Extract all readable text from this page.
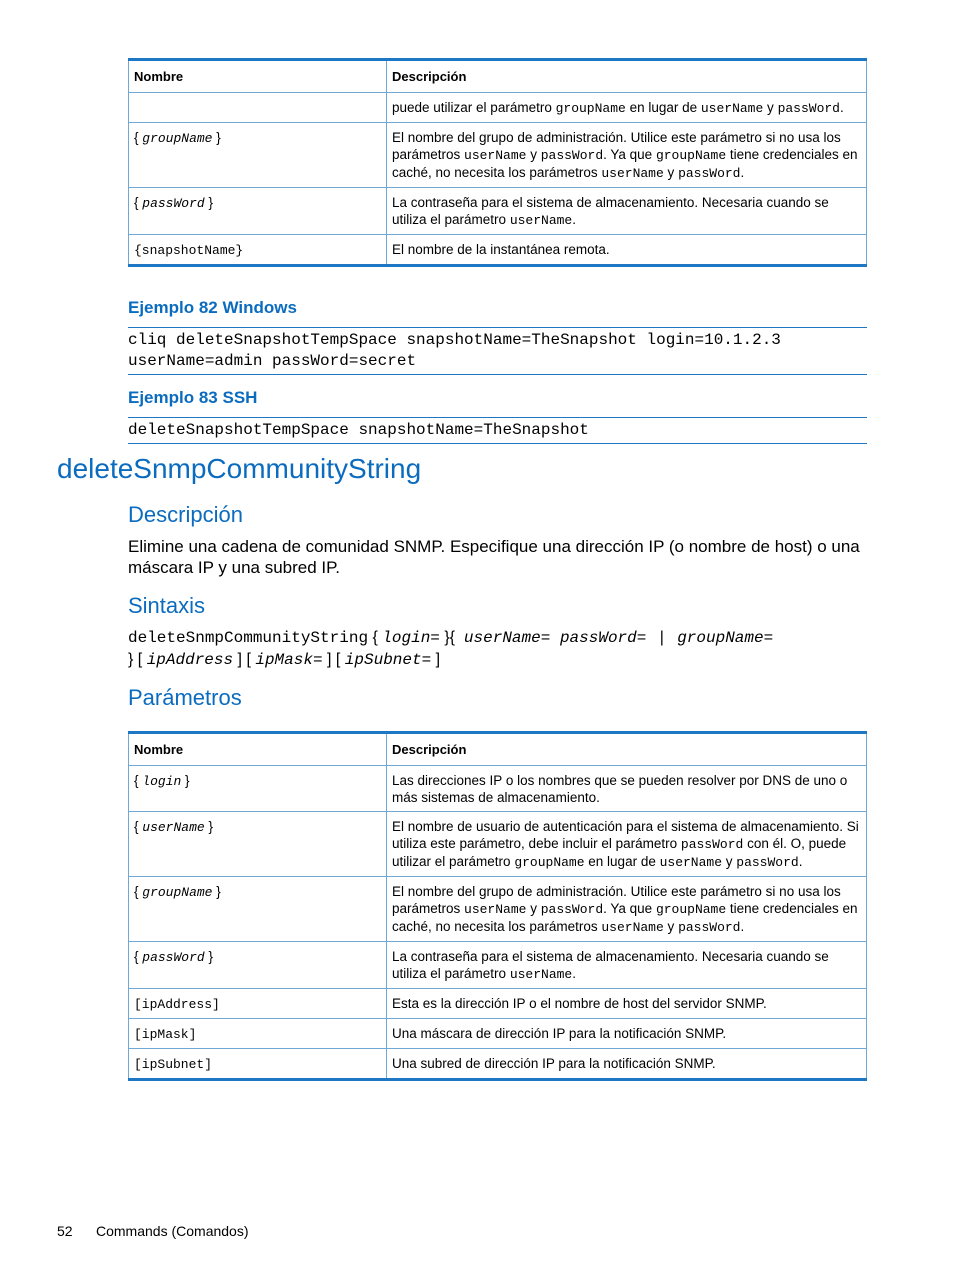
Nombre	Descripción
	puede utilizar el parámetro groupName en lugar de userName y passWord.
{ groupName }	El nombre del grupo de administración. Utilice este parámetro si no usa los parámetros userName y passWord. Ya que groupName tiene credenciales en caché, no necesita los parámetros userName y passWord.
{ passWord }	La contraseña para el sistema de almacenamiento. Necesaria cuando se utiliza el parámetro userName.
{snapshotName}	El nombre de la instantánea remota.
Ejemplo 82 Windows
cliq deleteSnapshotTempSpace snapshotName=TheSnapshot login=10.1.2.3
userName=admin passWord=secret
Ejemplo 83 SSH
deleteSnapshotTempSpace snapshotName=TheSnapshot
deleteSnmpCommunityString
Descripción
Elimine una cadena de comunidad SNMP. Especifique una dirección IP (o nombre de host) o una máscara IP y una subred IP.
Sintaxis
deleteSnmpCommunityString { login= }{  userName= passWord=   |   groupName=
} [ ipAddress ] [ ipMask= ] [ ipSubnet= ]
Parámetros
Nombre	Descripción
{ login }	Las direcciones IP o los nombres que se pueden resolver por DNS de uno o más sistemas de almacenamiento.
{ userName }	El nombre de usuario de autenticación para el sistema de almacenamiento. Si utiliza este parámetro, debe incluir el parámetro passWord con él. O, puede utilizar el parámetro groupName en lugar de userName y passWord.
{ groupName }	El nombre del grupo de administración. Utilice este parámetro si no usa los parámetros userName y passWord. Ya que groupName tiene credenciales en caché, no necesita los parámetros userName y passWord.
{ passWord }	La contraseña para el sistema de almacenamiento. Necesaria cuando se utiliza el parámetro userName.
[ipAddress]	Esta es la dirección IP o el nombre de host del servidor SNMP.
[ipMask]	Una máscara de dirección IP para la notificación SNMP.
[ipSubnet]	Una subred de dirección IP para la notificación SNMP.
52 Commands (Comandos)
